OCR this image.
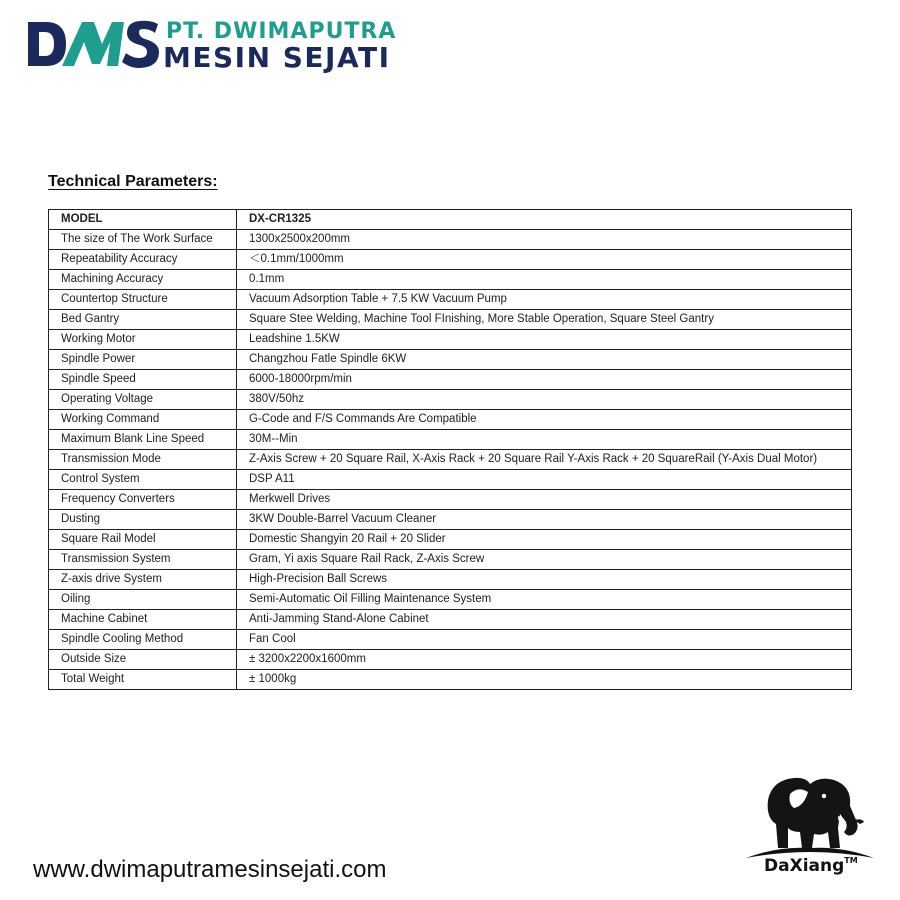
PT. DWIMAPUTRA
MESIN SEJATI
Technical Parameters:
MODEL	DX-CR1325
The size of The Work Surface	1300x2500x200mm
Repeatability Accuracy	＜0.1mm/1000mm
Machining Accuracy	0.1mm
Countertop Structure	Vacuum Adsorption Table + 7.5 KW Vacuum Pump
Bed Gantry	Square Stee Welding, Machine Tool FInishing, More Stable Operation, Square Steel Gantry
Working Motor	Leadshine 1.5KW
Spindle Power	Changzhou Fatle Spindle 6KW
Spindle Speed	6000-18000rpm/min
Operating Voltage	380V/50hz
Working Command	G-Code and F/S Commands Are Compatible
Maximum Blank Line Speed	30M--Min
Transmission Mode	Z-Axis Screw + 20 Square Rail, X-Axis Rack + 20 Square Rail Y-Axis Rack + 20 SquareRail (Y-Axis Dual Motor)
Control System	DSP A11
Frequency Converters	Merkwell Drives
Dusting	3KW Double-Barrel Vacuum Cleaner
Square Rail Model	Domestic Shangyin 20 Rail + 20 Slider
Transmission System	Gram, Yi axis Square Rail Rack, Z-Axis Screw
Z-axis drive System	High-Precision Ball Screws
Oiling	Semi-Automatic Oil Filling Maintenance System
Machine Cabinet	Anti-Jamming Stand-Alone Cabinet
Spindle Cooling Method	Fan Cool
Outside Size	± 3200x2200x1600mm
Total Weight	± 1000kg
www.dwimaputramesinsejati.com	DaXiang™
